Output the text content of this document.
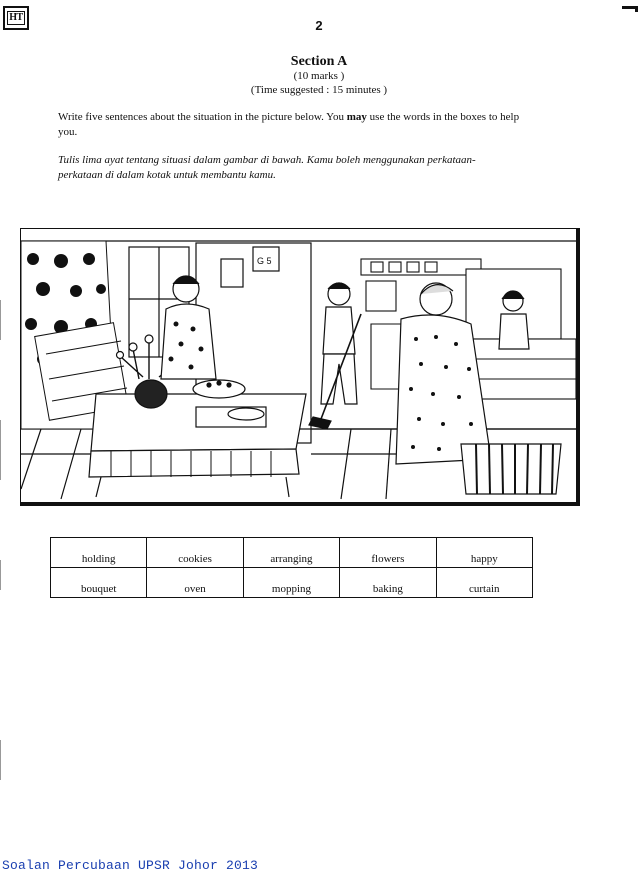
HT
2
Section A
(10 marks )
(Time suggested : 15 minutes )
Write five sentences about the situation in the picture below. You may use the words in the boxes to help you.
Tulis lima ayat tentang situasi dalam gambar di bawah. Kamu boleh menggunakan perkataan-perkataan di dalam kotak untuk membantu kamu.
G 5
holding	cookies	arranging	flowers	happy
bouquet	oven	mopping	baking	curtain
Soalan Percubaan UPSR Johor 2013
